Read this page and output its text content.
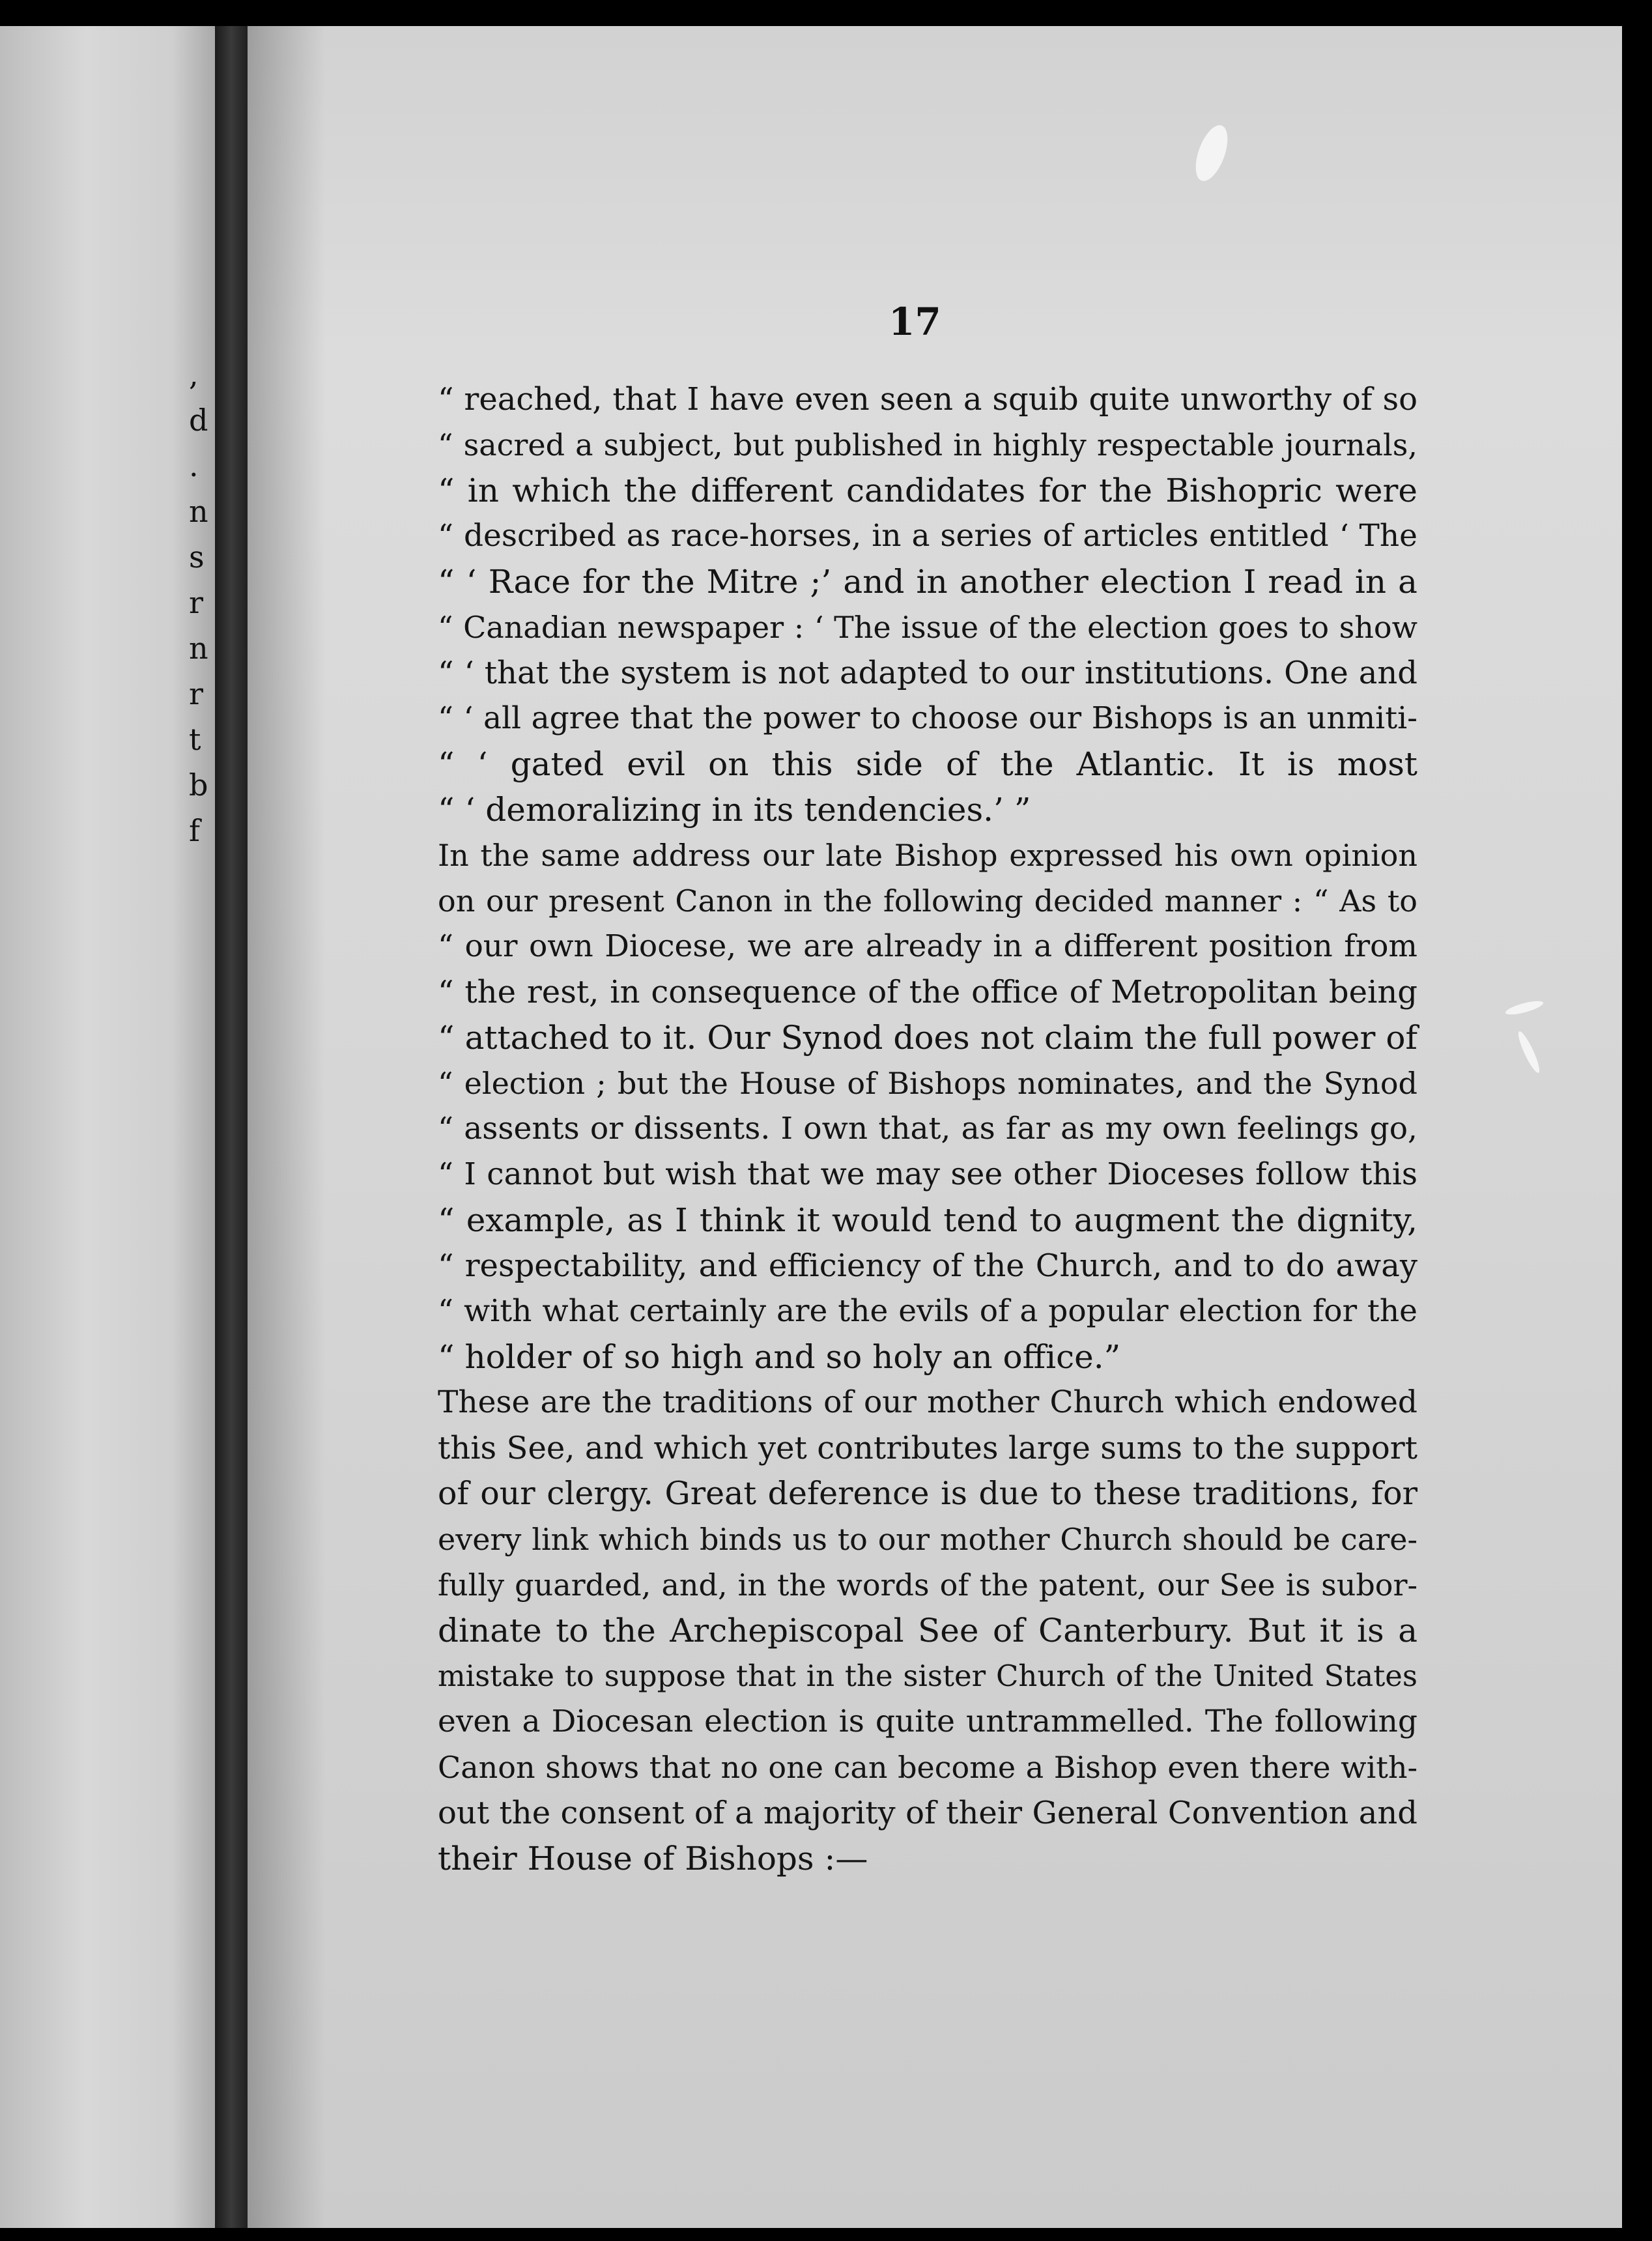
,
d
.
n
s
r
n
r
t
b
f
17
“ reached, that I have even seen a squib quite unworthy of so
“ sacred a subject, but published in highly respectable journals,
“ in which the different candidates for the Bishopric were
“ described as race-horses, in a series of articles entitled ‘ The
“ ‘ Race for the Mitre ;’ and in another election I read in a
“ Canadian newspaper : ‘ The issue of the election goes to show
“ ‘ that the system is not adapted to our institutions. One and
“ ‘ all agree that the power to choose our Bishops is an unmiti-
“ ‘ gated evil on this side of the Atlantic. It is most
“ ‘ demoralizing in its tendencies.’ ”
In the same address our late Bishop expressed his own opinion
on our present Canon in the following decided manner : “ As to
“ our own Diocese, we are already in a different position from
“ the rest, in consequence of the office of Metropolitan being
“ attached to it. Our Synod does not claim the full power of
“ election ; but the House of Bishops nominates, and the Synod
“ assents or dissents. I own that, as far as my own feelings go,
“ I cannot but wish that we may see other Dioceses follow this
“ example, as I think it would tend to augment the dignity,
“ respectability, and efficiency of the Church, and to do away
“ with what certainly are the evils of a popular election for the
“ holder of so high and so holy an office.”
These are the traditions of our mother Church which endowed
this See, and which yet contributes large sums to the support
of our clergy. Great deference is due to these traditions, for
every link which binds us to our mother Church should be care-
fully guarded, and, in the words of the patent, our See is subor-
dinate to the Archepiscopal See of Canterbury. But it is a
mistake to suppose that in the sister Church of the United States
even a Diocesan election is quite untrammelled. The following
Canon shows that no one can become a Bishop even there with-
out the consent of a majority of their General Convention and
their House of Bishops :—
